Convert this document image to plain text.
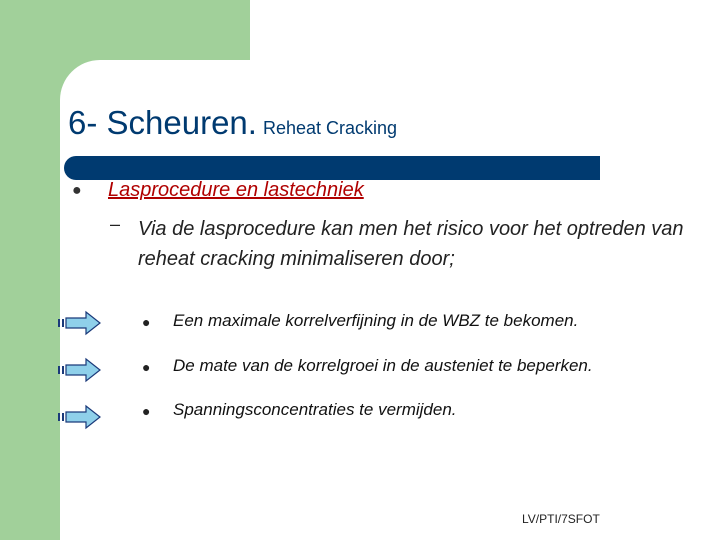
6- Scheuren. Reheat Cracking
● Lasprocedure en lastechniek
– Via de lasprocedure kan men het risico voor het optreden van reheat cracking minimaliseren door;
● Een maximale korrelverfijning in de WBZ te bekomen.
● De mate van de korrelgroei in de austeniet te beperken.
● Spanningsconcentraties te vermijden.
LV/PTI/7SFOT
